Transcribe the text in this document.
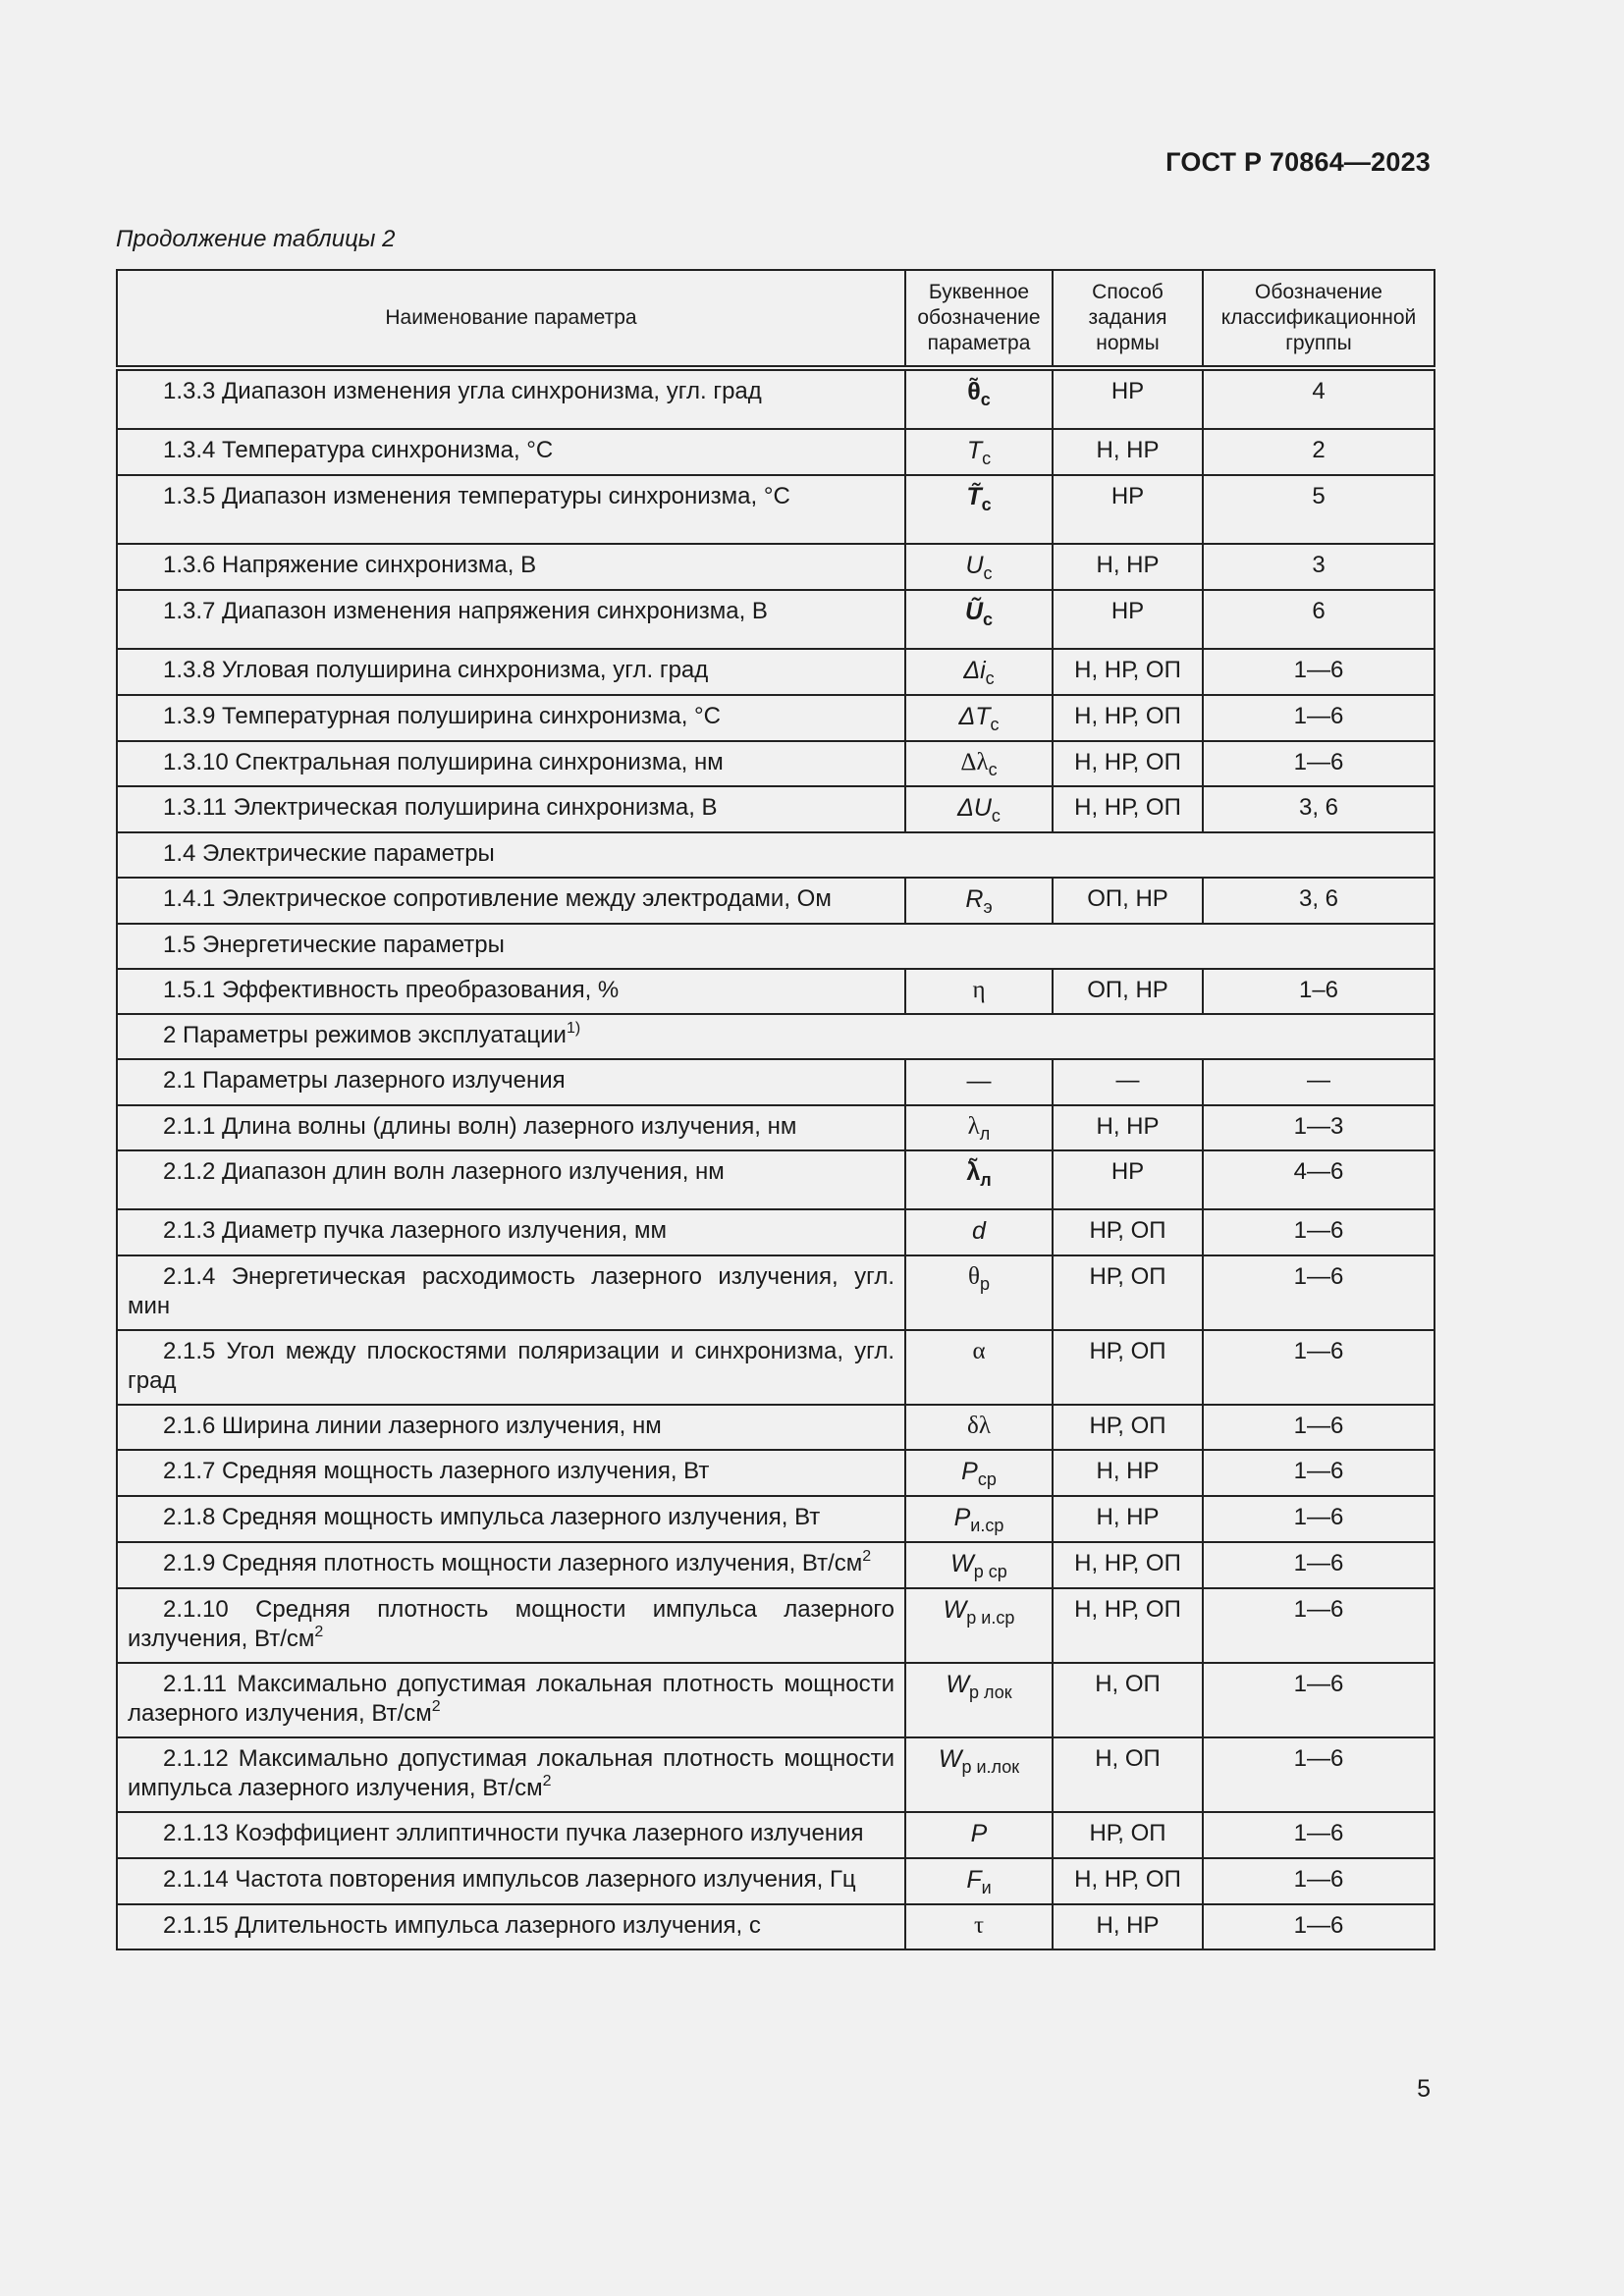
ГОСТ Р 70864—2023
Продолжение таблицы 2
Наименование параметра	Буквенное обозначение параметра	Способ задания нормы	Обозначение классификационной группы
1.3.3 Диапазон изменения угла синхронизма, угл. град	$\thetã_с$	НР	4
1.3.4 Температура синхронизма, °С	$T_с$	Н, НР	2
1.3.5 Диапазон изменения температуры синхронизма, °С	$T̃_с$	НР	5
1.3.6 Напряжение синхронизма, В	$U_с$	Н, НР	3
1.3.7 Диапазон изменения напряжения синхронизма, В	$Ũ_с$	НР	6
1.3.8 Угловая полуширина синхронизма, угл. град	$\Delta i_с$	Н, НР, ОП	1—6
1.3.9 Температурная полуширина синхронизма, °С	$\Delta T_с$	Н, НР, ОП	1—6
1.3.10 Спектральная полуширина синхронизма, нм	$\Delta\lambda_с$	Н, НР, ОП	1—6
1.3.11 Электрическая полуширина синхронизма, В	$\Delta U_с$	Н, НР, ОП	3, 6
1.4 Электрические параметры			
1.4.1 Электрическое сопротивление между электродами, Ом	$R_э$	ОП, НР	3, 6
1.5 Энергетические параметры			
1.5.1 Эффективность преобразования, %	η	ОП, НР	1–6
2 Параметры режимов эксплуатации$^{1)}$
2.1 Параметры лазерного излучения	—	—	—
2.1.1 Длина волны (длины волн) лазерного излучения, нм	$\lambda_л$	Н, НР	1—3
2.1.2 Диапазон длин волн лазерного излучения, нм	$\lambdã_л$	НР	4—6
2.1.3 Диаметр пучка лазерного излучения, мм	d	НР, ОП	1—6
2.1.4 Энергетическая расходимость лазерного излучения, угл. мин	$\theta_р$	НР, ОП	1—6
2.1.5 Угол между плоскостями поляризации и синхронизма, угл. град	α	НР, ОП	1—6
2.1.6 Ширина линии лазерного излучения, нм	δλ	НР, ОП	1—6
2.1.7 Средняя мощность лазерного излучения, Вт	$P_{ср}$	Н, НР	1—6
2.1.8 Средняя мощность импульса лазерного излучения, Вт	$P_{и.ср}$	Н, НР	1—6
2.1.9 Средняя плотность мощности лазерного излучения, $Вт/см^2$	$W_{p ср}$	Н, НР, ОП	1—6
2.1.10 Средняя плотность мощности импульса лазерного излучения, $Вт/см^2$	$W_{p и.ср}$	Н, НР, ОП	1—6
2.1.11 Максимально допустимая локальная плотность мощности лазерного излучения, $Вт/см^2$	$W_{p лок}$	Н, ОП	1—6
2.1.12 Максимально допустимая локальная плотность мощности импульса лазерного излучения, $Вт/см^2$	$W_{p и.лок}$	Н, ОП	1—6
2.1.13 Коэффициент эллиптичности пучка лазерного излучения	P	НР, ОП	1—6
2.1.14 Частота повторения импульсов лазерного излучения, Гц	$F_и$	Н, НР, ОП	1—6
2.1.15 Длительность импульса лазерного излучения, с	τ	Н, НР	1—6
5
